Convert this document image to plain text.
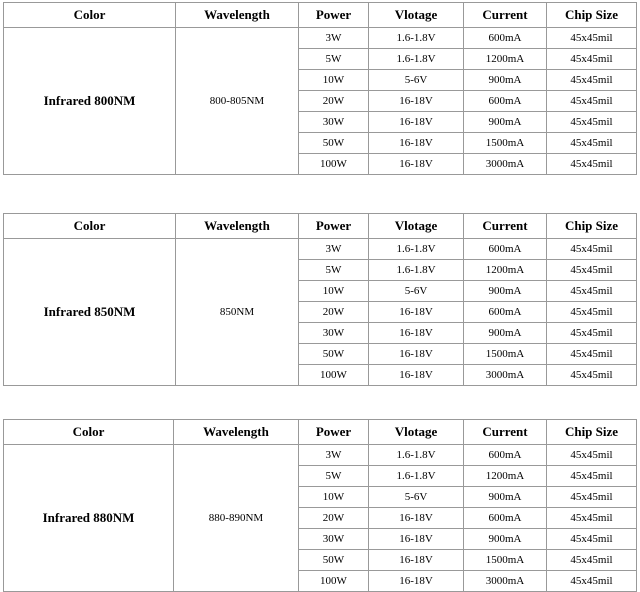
Color	Wavelength	Power	Vlotage	Current	Chip Size
Infrared 800NM	800-805NM	3W	1.6-1.8V	600mA	45x45mil
		5W	1.6-1.8V	1200mA	45x45mil
		10W	5-6V	900mA	45x45mil
		20W	16-18V	600mA	45x45mil
		30W	16-18V	900mA	45x45mil
		50W	16-18V	1500mA	45x45mil
		100W	16-18V	3000mA	45x45mil
Color	Wavelength	Power	Vlotage	Current	Chip Size
Infrared 850NM	850NM	3W	1.6-1.8V	600mA	45x45mil
		5W	1.6-1.8V	1200mA	45x45mil
		10W	5-6V	900mA	45x45mil
		20W	16-18V	600mA	45x45mil
		30W	16-18V	900mA	45x45mil
		50W	16-18V	1500mA	45x45mil
		100W	16-18V	3000mA	45x45mil
Color	Wavelength	Power	Vlotage	Current	Chip Size
Infrared 880NM	880-890NM	3W	1.6-1.8V	600mA	45x45mil
		5W	1.6-1.8V	1200mA	45x45mil
		10W	5-6V	900mA	45x45mil
		20W	16-18V	600mA	45x45mil
		30W	16-18V	900mA	45x45mil
		50W	16-18V	1500mA	45x45mil
		100W	16-18V	3000mA	45x45mil
